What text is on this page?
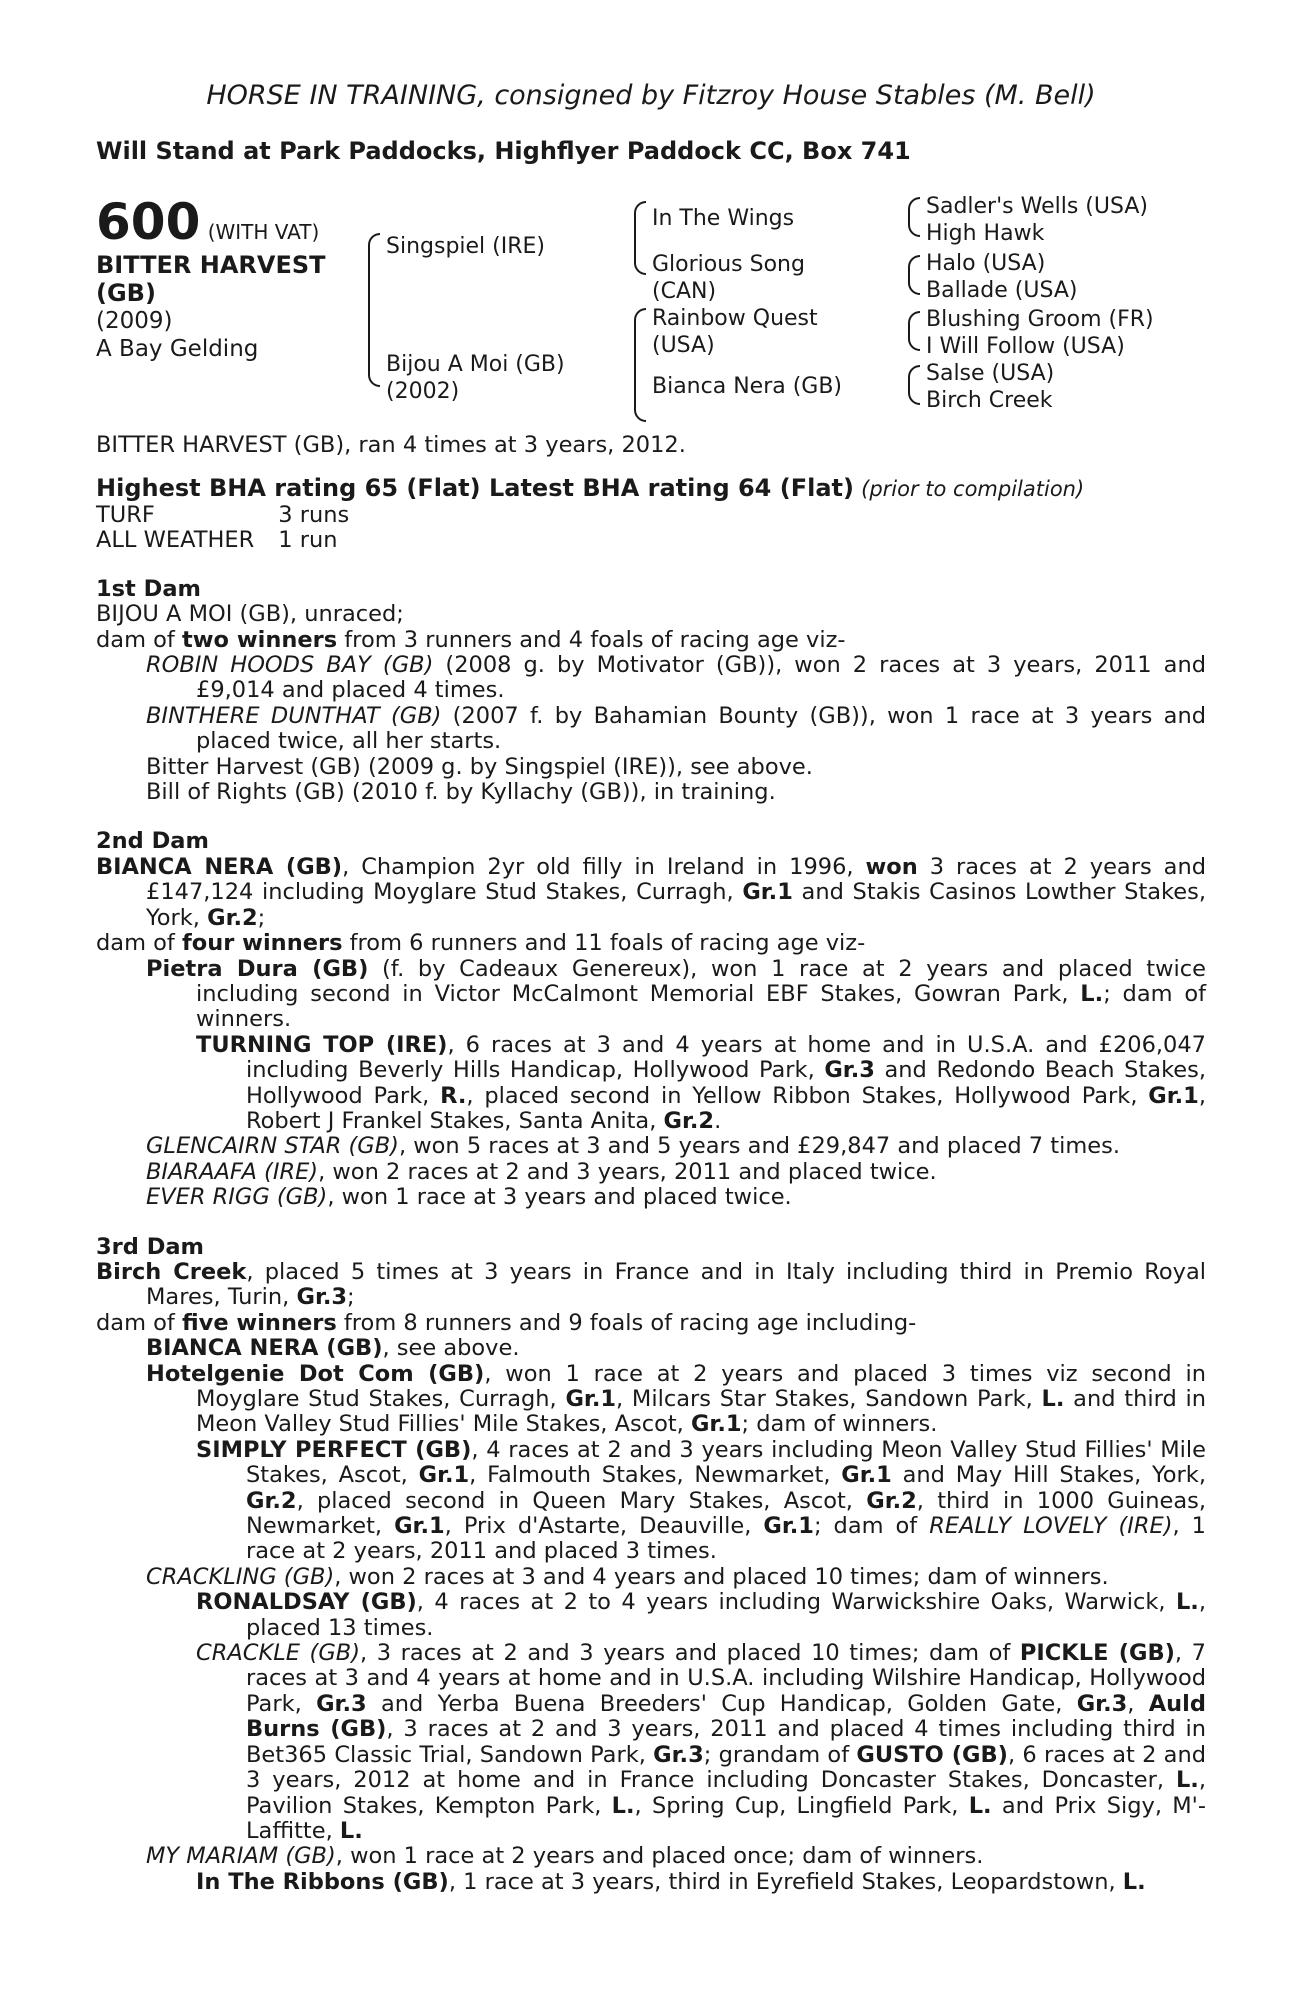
HORSE IN TRAINING, consigned by Fitzroy House Stables (M. Bell)
Will Stand at Park Paddocks, Highflyer Paddock CC, Box 741
600 (WITH VAT)
BITTER HARVEST
(GB)
(2009)
A Bay Gelding
Singspiel (IRE)
Bijou A Moi (GB)
(2002)
In The Wings
Glorious Song
(CAN)
Rainbow Quest
(USA)
Bianca Nera (GB)
Sadler's Wells (USA)
High Hawk
Halo (USA)
Ballade (USA)
Blushing Groom (FR)
I Will Follow (USA)
Salse (USA)
Birch Creek

BITTER HARVEST (GB), ran 4 times at 3 years, 2012.

Highest BHA rating 65 (Flat) Latest BHA rating 64 (Flat) (prior to compilation)

TURF	3 runs
ALL WEATHER	1 run

1st Dam

BIJOU A MOI (GB), unraced;

dam of two winners from 3 runners and 4 foals of racing age viz-

ROBIN HOODS BAY (GB) (2008 g. by Motivator (GB)), won 2 races at 3 years, 2011 and £9,014 and placed 4 times.

BINTHERE DUNTHAT (GB) (2007 f. by Bahamian Bounty (GB)), won 1 race at 3 years and placed twice, all her starts.

Bitter Harvest (GB) (2009 g. by Singspiel (IRE)), see above.

Bill of Rights (GB) (2010 f. by Kyllachy (GB)), in training.

2nd Dam

BIANCA NERA (GB), Champion 2yr old filly in Ireland in 1996, won 3 races at 2 years and £147,124 including Moyglare Stud Stakes, Curragh, Gr.1 and Stakis Casinos Lowther Stakes, York, Gr.2;

dam of four winners from 6 runners and 11 foals of racing age viz-

Pietra Dura (GB) (f. by Cadeaux Genereux), won 1 race at 2 years and placed twice including second in Victor McCalmont Memorial EBF Stakes, Gowran Park, L.; dam of winners.

TURNING TOP (IRE), 6 races at 3 and 4 years at home and in U.S.A. and £206,047 including Beverly Hills Handicap, Hollywood Park, Gr.3 and Redondo Beach Stakes, Hollywood Park, R., placed second in Yellow Ribbon Stakes, Hollywood Park, Gr.1, Robert J Frankel Stakes, Santa Anita, Gr.2.

GLENCAIRN STAR (GB), won 5 races at 3 and 5 years and £29,847 and placed 7 times.

BIARAAFA (IRE), won 2 races at 2 and 3 years, 2011 and placed twice.

EVER RIGG (GB), won 1 race at 3 years and placed twice.

3rd Dam

Birch Creek, placed 5 times at 3 years in France and in Italy including third in Premio Royal Mares, Turin, Gr.3;

dam of five winners from 8 runners and 9 foals of racing age including-

BIANCA NERA (GB), see above.

Hotelgenie Dot Com (GB), won 1 race at 2 years and placed 3 times viz second in Moyglare Stud Stakes, Curragh, Gr.1, Milcars Star Stakes, Sandown Park, L. and third in Meon Valley Stud Fillies' Mile Stakes, Ascot, Gr.1; dam of winners.

SIMPLY PERFECT (GB), 4 races at 2 and 3 years including Meon Valley Stud Fillies' Mile Stakes, Ascot, Gr.1, Falmouth Stakes, Newmarket, Gr.1 and May Hill Stakes, York, Gr.2, placed second in Queen Mary Stakes, Ascot, Gr.2, third in 1000 Guineas, Newmarket, Gr.1, Prix d'Astarte, Deauville, Gr.1; dam of REALLY LOVELY (IRE), 1 race at 2 years, 2011 and placed 3 times.

CRACKLING (GB), won 2 races at 3 and 4 years and placed 10 times; dam of winners.

RONALDSAY (GB), 4 races at 2 to 4 years including Warwickshire Oaks, Warwick, L., placed 13 times.

CRACKLE (GB), 3 races at 2 and 3 years and placed 10 times; dam of PICKLE (GB), 7 races at 3 and 4 years at home and in U.S.A. including Wilshire Handicap, Hollywood Park, Gr.3 and Yerba Buena Breeders' Cup Handicap, Golden Gate, Gr.3, Auld Burns (GB), 3 races at 2 and 3 years, 2011 and placed 4 times including third in Bet365 Classic Trial, Sandown Park, Gr.3; grandam of GUSTO (GB), 6 races at 2 and 3 years, 2012 at home and in France including Doncaster Stakes, Doncaster, L., Pavilion Stakes, Kempton Park, L., Spring Cup, Lingfield Park, L. and Prix Sigy, M'-Laffitte, L.

MY MARIAM (GB), won 1 race at 2 years and placed once; dam of winners.

In The Ribbons (GB), 1 race at 3 years, third in Eyrefield Stakes, Leopardstown, L.
